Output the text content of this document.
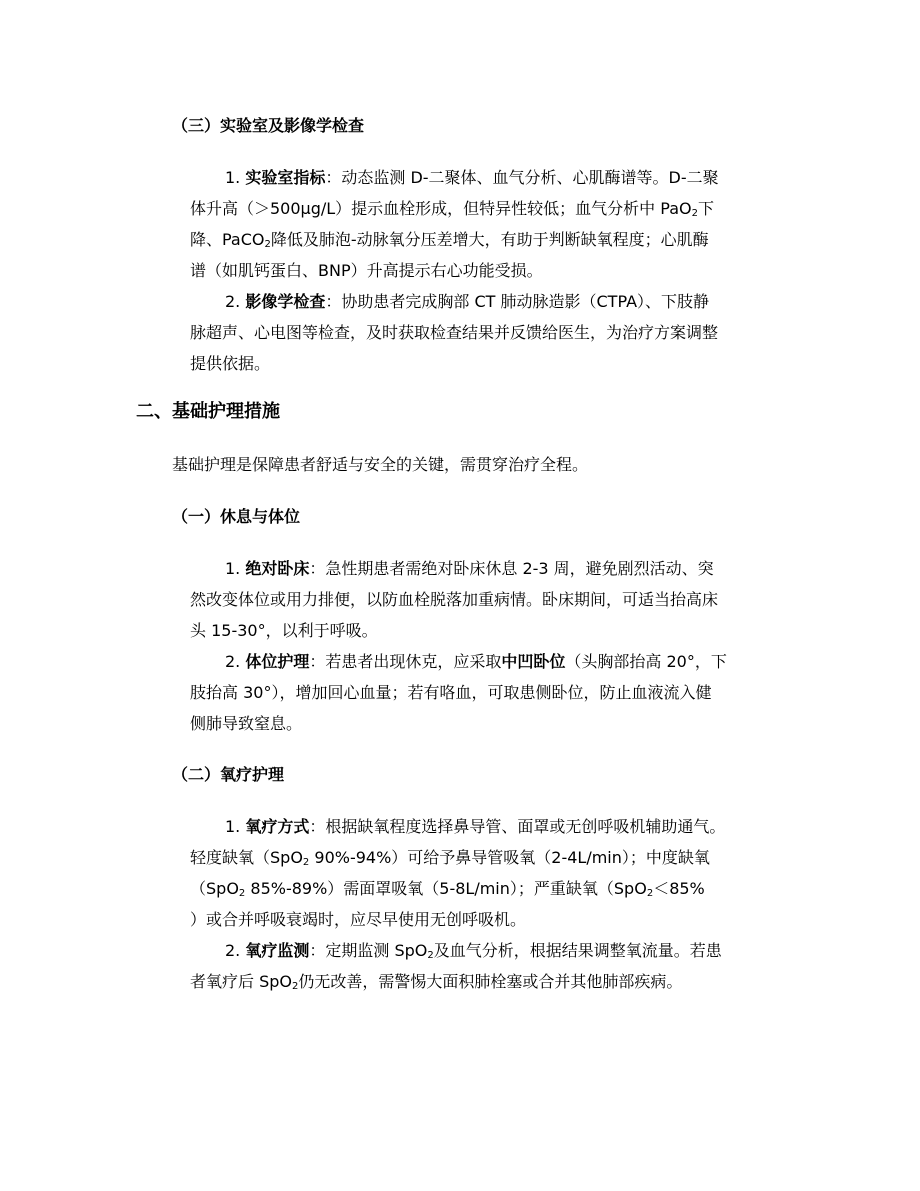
（三）实验室及影像学检查
1. 实验室指标：动态监测 D-二聚体、血气分析、心肌酶谱等。D-二聚
体升高（＞500μg/L）提示血栓形成，但特异性较低；血气分析中 PaO$_2$下
降、PaCO$_2$降低及肺泡-动脉氧分压差增大，有助于判断缺氧程度；心肌酶
谱（如肌钙蛋白、BNP）升高提示右心功能受损。
2. 影像学检查：协助患者完成胸部 CT 肺动脉造影（CTPA）、下肢静
脉超声、心电图等检查，及时获取检查结果并反馈给医生，为治疗方案调整
提供依据。
二、基础护理措施
基础护理是保障患者舒适与安全的关键，需贯穿治疗全程。
（一）休息与体位
1. 绝对卧床：急性期患者需绝对卧床休息 2-3 周，避免剧烈活动、突
然改变体位或用力排便，以防血栓脱落加重病情。卧床期间，可适当抬高床
头 15-30°，以利于呼吸。
2. 体位护理：若患者出现休克，应采取中凹卧位（头胸部抬高 20°，下
肢抬高 30°），增加回心血量；若有咯血，可取患侧卧位，防止血液流入健
侧肺导致窒息。
（二）氧疗护理
1. 氧疗方式：根据缺氧程度选择鼻导管、面罩或无创呼吸机辅助通气。
轻度缺氧（SpO$_2$ 90%-94%）可给予鼻导管吸氧（2-4L/min）；中度缺氧
（SpO$_2$ 85%-89%）需面罩吸氧（5-8L/min）；严重缺氧（SpO$_2$＜85%
）或合并呼吸衰竭时，应尽早使用无创呼吸机。
2. 氧疗监测：定期监测 SpO$_2$及血气分析，根据结果调整氧流量。若患
者氧疗后 SpO$_2$仍无改善，需警惕大面积肺栓塞或合并其他肺部疾病。
